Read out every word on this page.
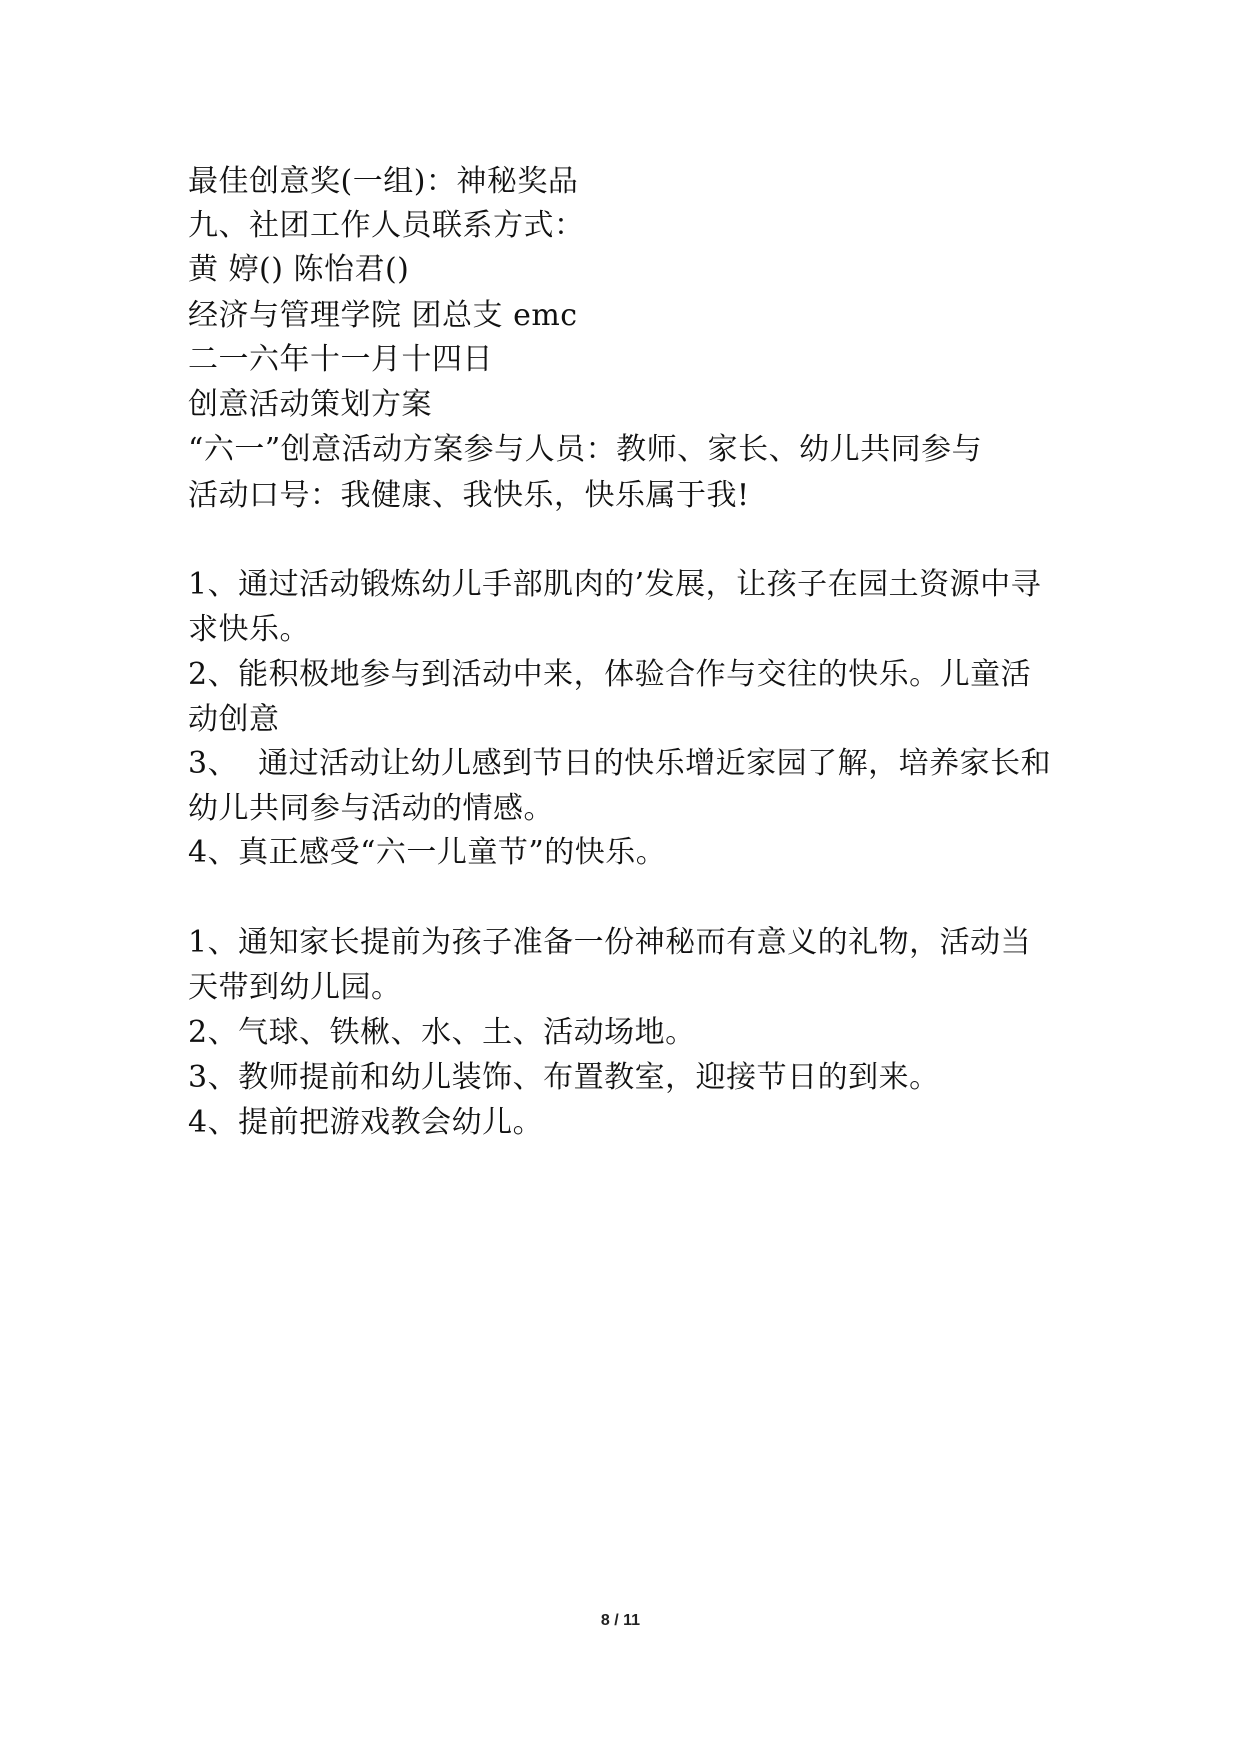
最佳创意奖(一组)：神秘奖品
九、社团工作人员联系方式：
黄 婷() 陈怡君()
经济与管理学院 团总支 emc
二一六年十一月十四日
创意活动策划方案
“六一”创意活动方案参与人员：教师、家长、幼儿共同参与
活动口号：我健康、我快乐，快乐属于我!
1、通过活动锻炼幼儿手部肌肉的’发展，让孩子在园土资源中寻
求快乐。
2、能积极地参与到活动中来，体验合作与交往的快乐。儿童活
动创意
3、  通过活动让幼儿感到节日的快乐增近家园了解，培养家长和
幼儿共同参与活动的情感。
4、真正感受“六一儿童节”的快乐。
1、通知家长提前为孩子准备一份神秘而有意义的礼物，活动当
天带到幼儿园。
2、气球、铁楸、水、土、活动场地。
3、教师提前和幼儿装饰、布置教室，迎接节日的到来。
4、提前把游戏教会幼儿。
8 / 11
